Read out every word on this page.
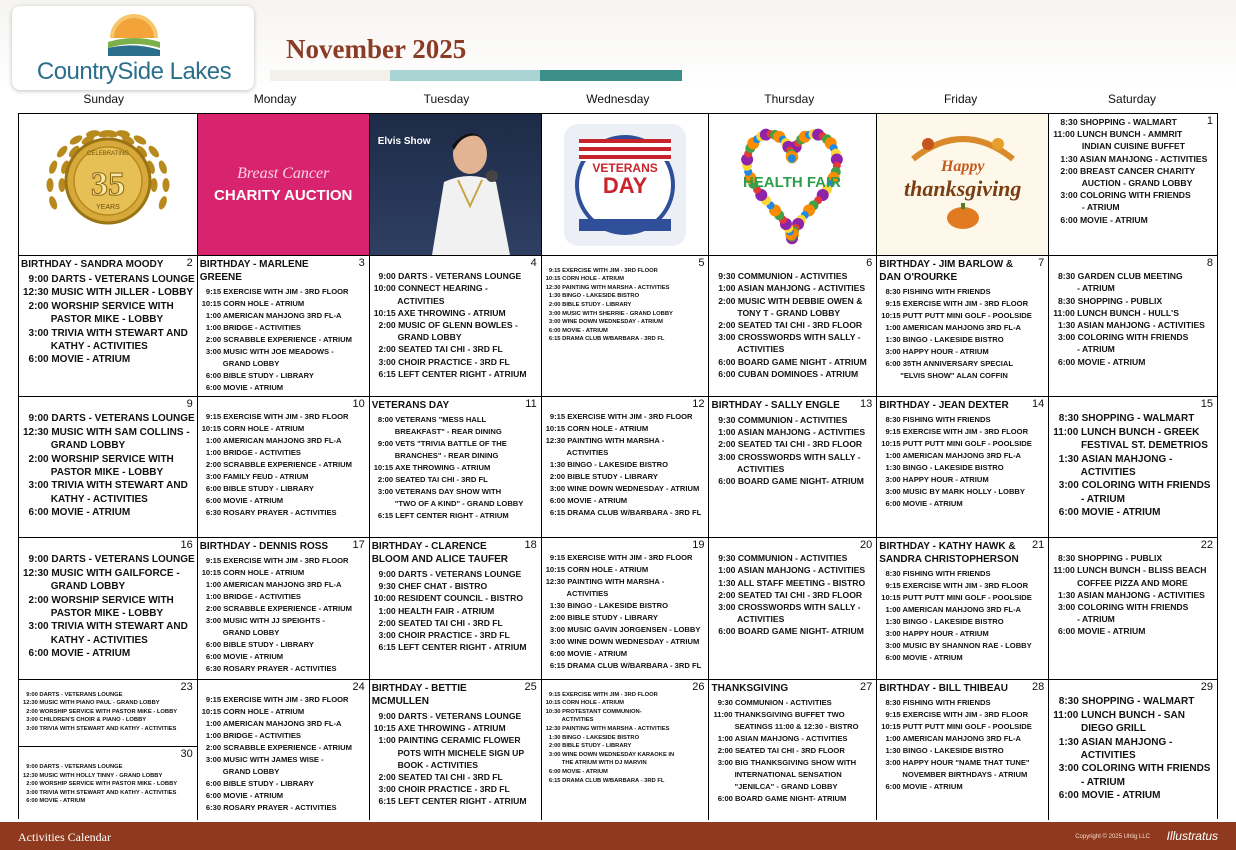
CountrySide Lakes
November 2025
Sunday	Monday	Tuesday	Wednesday	Thursday	Friday	Saturday
CELEBRATING
35
YEARS
Breast Cancer
CHARITY AUCTION
Elvis Show
VETERANS
DAY	HEALTH FAIR
Happy
thanksgiving
1
8:30 SHOPPING - WALMART
11:00 LUNCH BUNCH - AMMRIT
INDIAN CUISINE BUFFET
1:30 ASIAN MAHJONG - ACTIVITIES
2:00 BREAST CANCER CHARITY
AUCTION - GRAND LOBBY
3:00 COLORING WITH FRIENDS
- ATRIUM
6:00 MOVIE - ATRIUM
2
BIRTHDAY - SANDRA MOODY
9:00 DARTS - VETERANS LOUNGE
12:30 MUSIC WITH JILLER - LOBBY
2:00 WORSHIP SERVICE WITH
PASTOR MIKE - LOBBY
3:00 TRIVIA WITH STEWART AND
KATHY - ACTIVITIES
6:00 MOVIE - ATRIUM
3
BIRTHDAY - MARLENE GREENE
9:15 EXERCISE WITH JIM - 3RD FLOOR
10:15 CORN HOLE - ATRIUM
1:00 AMERICAN MAHJONG 3RD FL-A
1:00 BRIDGE - ACTIVITIES
2:00 SCRABBLE EXPERIENCE - ATRIUM
3:00 MUSIC WITH JOE MEADOWS -
GRAND LOBBY
6:00 BIBLE STUDY - LIBRARY
6:00 MOVIE - ATRIUM
4

9:00 DARTS - VETERANS LOUNGE
10:00 CONNECT HEARING -
ACTIVITIES
10:15 AXE THROWING - ATRIUM
2:00 MUSIC OF GLENN BOWLES -
GRAND LOBBY
2:00 SEATED TAI CHI - 3RD FL
3:00 CHOIR PRACTICE - 3RD FL
6:15 LEFT CENTER RIGHT - ATRIUM
5

9:15 EXERCISE WITH JIM - 3RD FLOOR
10:15 CORN HOLE - ATRIUM
12:30 PAINTING WITH MARSHA - ACTIVITIES
1:30 BINGO - LAKESIDE BISTRO
2:00 BIBLE STUDY - LIBRARY
3:00 MUSIC WITH SHERRIE - GRAND LOBBY
3:00 WINE DOWN WEDNESDAY - ATRIUM
6:00 MOVIE - ATRIUM
6:15 DRAMA CLUB W/BARBARA - 3RD FL
6

9:30 COMMUNION - ACTIVITIES
1:00 ASIAN MAHJONG - ACTIVITIES
2:00 MUSIC WITH DEBBIE OWEN &
TONY T - GRAND LOBBY
2:00 SEATED TAI CHI - 3RD FLOOR
3:00 CROSSWORDS WITH SALLY -
ACTIVITIES
6:00 BOARD GAME NIGHT - ATRIUM
6:00 CUBAN DOMINOES - ATRIUM
7
BIRTHDAY - JIM BARLOW & DAN O'ROURKE
8:30 FISHING WITH FRIENDS
9:15 EXERCISE WITH JIM - 3RD FLOOR
10:15 PUTT PUTT MINI GOLF - POOLSIDE
1:00 AMERICAN MAHJONG 3RD FL-A
1:30 BINGO - LAKESIDE BISTRO
3:00 HAPPY HOUR - ATRIUM
6:00 35TH ANNIVERSARY SPECIAL
"ELVIS SHOW" ALAN COFFIN
8

8:30 GARDEN CLUB MEETING
- ATRIUM
8:30 SHOPPING - PUBLIX
11:00 LUNCH BUNCH - HULL'S
1:30 ASIAN MAHJONG - ACTIVITIES
3:00 COLORING WITH FRIENDS
- ATRIUM
6:00 MOVIE - ATRIUM
9

9:00 DARTS - VETERANS LOUNGE
12:30 MUSIC WITH SAM COLLINS -
GRAND LOBBY
2:00 WORSHIP SERVICE WITH
PASTOR MIKE - LOBBY
3:00 TRIVIA WITH STEWART AND
KATHY - ACTIVITIES
6:00 MOVIE - ATRIUM
10

9:15 EXERCISE WITH JIM - 3RD FLOOR
10:15 CORN HOLE - ATRIUM
1:00 AMERICAN MAHJONG 3RD FL-A
1:00 BRIDGE - ACTIVITIES
2:00 SCRABBLE EXPERIENCE - ATRIUM
3:00 FAMILY FEUD - ATRIUM
6:00 BIBLE STUDY - LIBRARY
6:00 MOVIE - ATRIUM
6:30 ROSARY PRAYER - ACTIVITIES
11
VETERANS DAY
8:00 VETERANS "MESS HALL
BREAKFAST" - REAR DINING
9:00 VETS "TRIVIA BATTLE OF THE
BRANCHES" - REAR DINING
10:15 AXE THROWING - ATRIUM
2:00 SEATED TAI CHI - 3RD FL
3:00 VETERANS DAY SHOW WITH
"TWO OF A KIND" - GRAND LOBBY
6:15 LEFT CENTER RIGHT - ATRIUM
12

9:15 EXERCISE WITH JIM - 3RD FLOOR
10:15 CORN HOLE - ATRIUM
12:30 PAINTING WITH MARSHA -
ACTIVITIES
1:30 BINGO - LAKESIDE BISTRO
2:00 BIBLE STUDY - LIBRARY
3:00 WINE DOWN WEDNESDAY - ATRIUM
6:00 MOVIE - ATRIUM
6:15 DRAMA CLUB W/BARBARA - 3RD FL
13
BIRTHDAY - SALLY ENGLE
9:30 COMMUNION - ACTIVITIES
1:00 ASIAN MAHJONG - ACTIVITIES
2:00 SEATED TAI CHI - 3RD FLOOR
3:00 CROSSWORDS WITH SALLY -
ACTIVITIES
6:00 BOARD GAME NIGHT- ATRIUM
14
BIRTHDAY - JEAN DEXTER
8:30 FISHING WITH FRIENDS
9:15 EXERCISE WITH JIM - 3RD FLOOR
10:15 PUTT PUTT MINI GOLF - POOLSIDE
1:00 AMERICAN MAHJONG 3RD FL-A
1:30 BINGO - LAKESIDE BISTRO
3:00 HAPPY HOUR - ATRIUM
3:00 MUSIC BY MARK HOLLY - LOBBY
6:00 MOVIE - ATRIUM
15

8:30 SHOPPING - WALMART
11:00 LUNCH BUNCH - GREEK
FESTIVAL ST. DEMETRIOS
1:30 ASIAN MAHJONG -
ACTIVITIES
3:00 COLORING WITH FRIENDS
- ATRIUM
6:00 MOVIE - ATRIUM
16

9:00 DARTS - VETERANS LOUNGE
12:30 MUSIC WITH GAILFORCE -
GRAND LOBBY
2:00 WORSHIP SERVICE WITH
PASTOR MIKE - LOBBY
3:00 TRIVIA WITH STEWART AND
KATHY - ACTIVITIES
6:00 MOVIE - ATRIUM
17
BIRTHDAY - DENNIS ROSS
9:15 EXERCISE WITH JIM - 3RD FLOOR
10:15 CORN HOLE - ATRIUM
1:00 AMERICAN MAHJONG 3RD FL-A
1:00 BRIDGE - ACTIVITIES
2:00 SCRABBLE EXPERIENCE - ATRIUM
3:00 MUSIC WITH JJ SPEIGHTS -
GRAND LOBBY
6:00 BIBLE STUDY - LIBRARY
6:00 MOVIE - ATRIUM
6:30 ROSARY PRAYER - ACTIVITIES
18
BIRTHDAY - CLARENCE BLOOM AND ALICE TAUFER
9:00 DARTS - VETERANS LOUNGE
9:30 CHEF CHAT - BISTRO
10:00 RESIDENT COUNCIL - BISTRO
1:00 HEALTH FAIR - ATRIUM
2:00 SEATED TAI CHI - 3RD FL
3:00 CHOIR PRACTICE - 3RD FL
6:15 LEFT CENTER RIGHT - ATRIUM
19

9:15 EXERCISE WITH JIM - 3RD FLOOR
10:15 CORN HOLE - ATRIUM
12:30 PAINTING WITH MARSHA -
ACTIVITIES
1:30 BINGO - LAKESIDE BISTRO
2:00 BIBLE STUDY - LIBRARY
3:00 MUSIC GAVIN JORGENSEN - LOBBY
3:00 WINE DOWN WEDNESDAY - ATRIUM
6:00 MOVIE - ATRIUM
6:15 DRAMA CLUB W/BARBARA - 3RD FL
20

9:30 COMMUNION - ACTIVITIES
1:00 ASIAN MAHJONG - ACTIVITIES
1:30 ALL STAFF MEETING - BISTRO
2:00 SEATED TAI CHI - 3RD FLOOR
3:00 CROSSWORDS WITH SALLY -
ACTIVITIES
6:00 BOARD GAME NIGHT- ATRIUM
21
BIRTHDAY - KATHY HAWK & SANDRA CHRISTOPHERSON
8:30 FISHING WITH FRIENDS
9:15 EXERCISE WITH JIM - 3RD FLOOR
10:15 PUTT PUTT MINI GOLF - POOLSIDE
1:00 AMERICAN MAHJONG 3RD FL-A
1:30 BINGO - LAKESIDE BISTRO
3:00 HAPPY HOUR - ATRIUM
3:00 MUSIC BY SHANNON RAE - LOBBY
6:00 MOVIE - ATRIUM
22

8:30 SHOPPING - PUBLIX
11:00 LUNCH BUNCH - BLISS BEACH
COFFEE PIZZA AND MORE
1:30 ASIAN MAHJONG - ACTIVITIES
3:00 COLORING WITH FRIENDS
- ATRIUM
6:00 MOVIE - ATRIUM
23

9:00 DARTS - VETERANS LOUNGE
12:30 MUSIC WITH PIANO PAUL - GRAND LOBBY
2:00 WORSHIP SERVICE WITH PASTOR MIKE - LOBBY
3:00 CHILDREN'S CHOIR & PIANO - LOBBY
3:00 TRIVIA WITH STEWART AND KATHY - ACTIVITIES
30
9:00 DARTS - VETERANS LOUNGE
12:30 MUSIC WITH HOLLY TINNY - GRAND LOBBY
2:00 WORSHIP SERVICE WITH PASTOR MIKE - LOBBY
3:00 TRIVIA WITH STEWART AND KATHY - ACTIVITIES
6:00 MOVIE - ATRIUM
24

9:15 EXERCISE WITH JIM - 3RD FLOOR
10:15 CORN HOLE - ATRIUM
1:00 AMERICAN MAHJONG 3RD FL-A
1:00 BRIDGE - ACTIVITIES
2:00 SCRABBLE EXPERIENCE - ATRIUM
3:00 MUSIC WITH JAMES WISE -
GRAND LOBBY
6:00 BIBLE STUDY - LIBRARY
6:00 MOVIE - ATRIUM
6:30 ROSARY PRAYER - ACTIVITIES
25
BIRTHDAY - BETTIE MCMULLEN
9:00 DARTS - VETERANS LOUNGE
10:15 AXE THROWING - ATRIUM
1:00 PAINTING CERAMIC FLOWER
POTS WITH MICHELE SIGN UP
BOOK - ACTIVITIES
2:00 SEATED TAI CHI - 3RD FL
3:00 CHOIR PRACTICE - 3RD FL
6:15 LEFT CENTER RIGHT - ATRIUM
26

9:15 EXERCISE WITH JIM - 3RD FLOOR
10:15 CORN HOLE - ATRIUM
10:30 PROTESTANT COMMUNION-
ACTIVITIES
12:30 PAINTING WITH MARSHA - ACTIVITIES
1:30 BINGO - LAKESIDE BISTRO
2:00 BIBLE STUDY - LIBRARY
3:00 WINE DOWN WEDNESDAY KARAOKE IN
THE ATRIUM WITH DJ MARVIN
6:00 MOVIE - ATRIUM
6:15 DRAMA CLUB W/BARBARA - 3RD FL
27
THANKSGIVING
9:30 COMMUNION - ACTIVITIES
11:00 THANKSGIVING BUFFET TWO
SEATINGS 11:00 & 12:30 - BISTRO
1:00 ASIAN MAHJONG - ACTIVITIES
2:00 SEATED TAI CHI - 3RD FLOOR
3:00 BIG THANKSGIVING SHOW WITH
INTERNATIONAL SENSATION
"JENILCA" - GRAND LOBBY
6:00 BOARD GAME NIGHT- ATRIUM
28
BIRTHDAY - BILL THIBEAU
8:30 FISHING WITH FRIENDS
9:15 EXERCISE WITH JIM - 3RD FLOOR
10:15 PUTT PUTT MINI GOLF - POOLSIDE
1:00 AMERICAN MAHJONG 3RD FL-A
1:30 BINGO - LAKESIDE BISTRO
3:00 HAPPY HOUR "NAME THAT TUNE"
NOVEMBER BIRTHDAYS - ATRIUM
6:00 MOVIE - ATRIUM
29

8:30 SHOPPING - WALMART
11:00 LUNCH BUNCH - SAN
DIEGO GRILL
1:30 ASIAN MAHJONG -
ACTIVITIES
3:00 COLORING WITH FRIENDS
- ATRIUM
6:00 MOVIE - ATRIUM
Activities Calendar	Copyright © 2025 Uhlig LLC Illustratus
